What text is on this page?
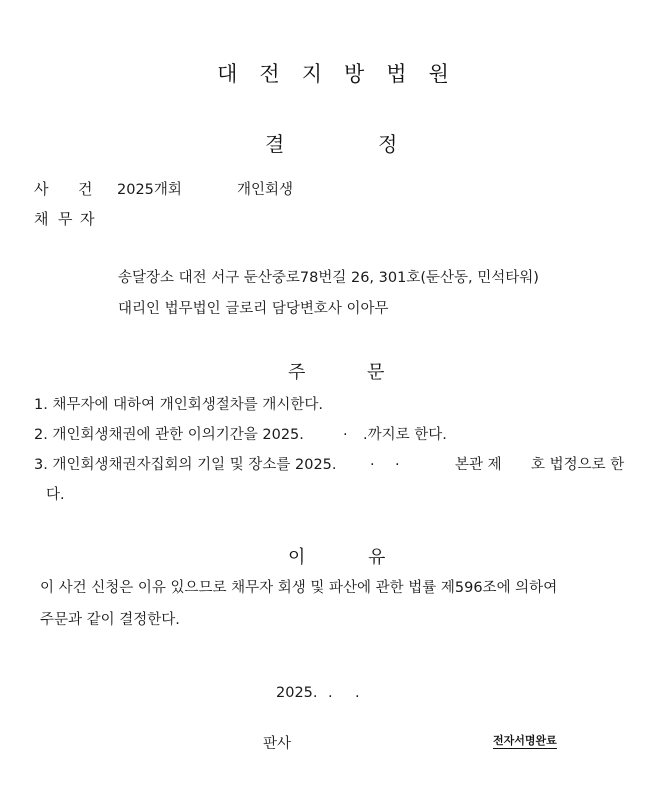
대전지방법원
결	정
사 건 2025개회	개인회생
채 무 자
송달장소 대전 서구 둔산중로78번길 26, 301호(둔산동, 민석타워)
대리인 법무법인 글로리 담당변호사 이아무
주	문
1. 채무자에 대하여 개인회생절차를 개시한다.
2. 개인회생채권에 관한 이의기간을 2025.	. .까지로 한다.
3. 개인회생채권자집회의 기일 및 장소를 2025. . .	본관 제 호 법정으로 한
다.
이	유
이 사건 신청은 이유 있으므로 채무자 회생 및 파산에 관한 법률 제596조에 의하여
주문과 같이 결정한다.
2025. . .
판사	전자서명완료
